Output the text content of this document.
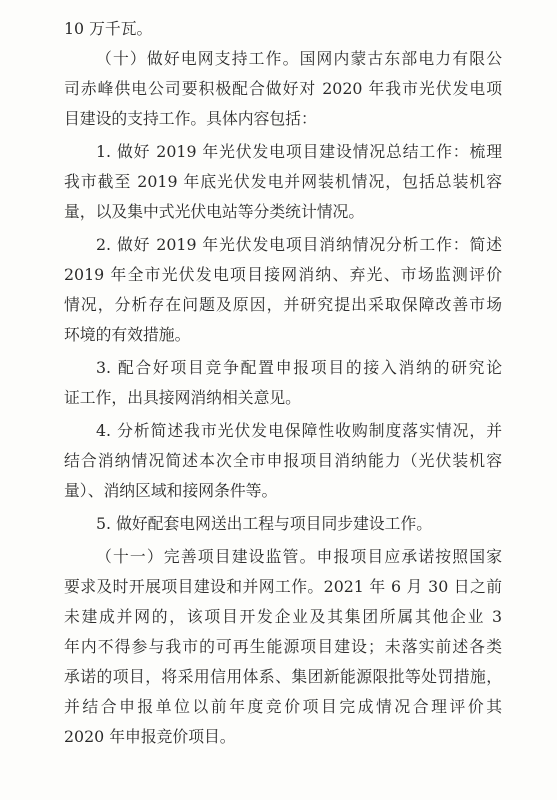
10 万千瓦。
（十）做好电网支持工作。国网内蒙古东部电力有限公
司赤峰供电公司要积极配合做好对 2020 年我市光伏发电项
目建设的支持工作。具体内容包括：
1. 做好 2019 年光伏发电项目建设情况总结工作：梳理
我市截至 2019 年底光伏发电并网装机情况，包括总装机容
量，以及集中式光伏电站等分类统计情况。
2. 做好 2019 年光伏发电项目消纳情况分析工作：简述
2019 年全市光伏发电项目接网消纳、弃光、市场监测评价
情况，分析存在问题及原因，并研究提出采取保障改善市场
环境的有效措施。
3. 配合好项目竞争配置申报项目的接入消纳的研究论
证工作，出具接网消纳相关意见。
4. 分析简述我市光伏发电保障性收购制度落实情况，并
结合消纳情况简述本次全市申报项目消纳能力（光伏装机容
量）、消纳区域和接网条件等。
5. 做好配套电网送出工程与项目同步建设工作。
（十一）完善项目建设监管。申报项目应承诺按照国家
要求及时开展项目建设和并网工作。2021 年 6 月 30 日之前
未建成并网的，该项目开发企业及其集团所属其他企业 3
年内不得参与我市的可再生能源项目建设；未落实前述各类
承诺的项目，将采用信用体系、集团新能源限批等处罚措施，
并结合申报单位以前年度竞价项目完成情况合理评价其
2020 年申报竞价项目。
